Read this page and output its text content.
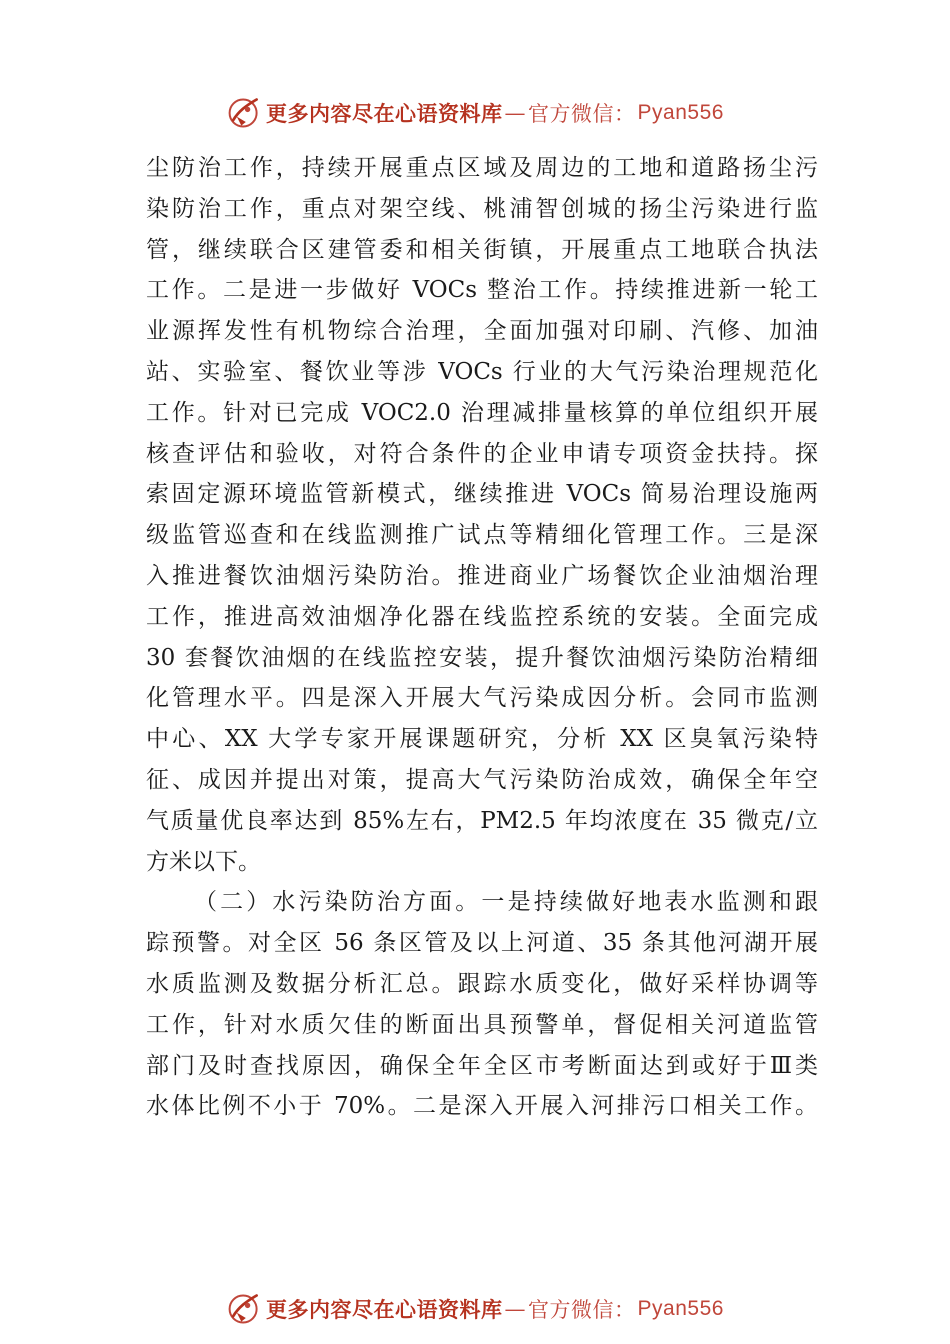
更多内容尽在心语资料库 — 官方微信： Pyan556
尘防治工作，持续开展重点区域及周边的工地和道路扬尘污
染防治工作，重点对架空线、桃浦智创城的扬尘污染进行监
管，继续联合区建管委和相关街镇，开展重点工地联合执法
工作。二是进一步做好 VOCs 整治工作。持续推进新一轮工
业源挥发性有机物综合治理，全面加强对印刷、汽修、加油
站、实验室、餐饮业等涉 VOCs 行业的大气污染治理规范化
工作。针对已完成 VOC2.0 治理减排量核算的单位组织开展
核查评估和验收，对符合条件的企业申请专项资金扶持。探
索固定源环境监管新模式，继续推进 VOCs 简易治理设施两
级监管巡查和在线监测推广试点等精细化管理工作。三是深
入推进餐饮油烟污染防治。推进商业广场餐饮企业油烟治理
工作，推进高效油烟净化器在线监控系统的安装。全面完成
30 套餐饮油烟的在线监控安装，提升餐饮油烟污染防治精细
化管理水平。四是深入开展大气污染成因分析。会同市监测
中心、XX 大学专家开展课题研究，分析 XX 区臭氧污染特
征、成因并提出对策，提高大气污染防治成效，确保全年空
气质量优良率达到 85%左右，PM2.5 年均浓度在 35 微克/立
方米以下。
（二）水污染防治方面。一是持续做好地表水监测和跟
踪预警。对全区 56 条区管及以上河道、35 条其他河湖开展
水质监测及数据分析汇总。跟踪水质变化，做好采样协调等
工作，针对水质欠佳的断面出具预警单，督促相关河道监管
部门及时查找原因，确保全年全区市考断面达到或好于Ⅲ类
水体比例不小于 70%。二是深入开展入河排污口相关工作。
更多内容尽在心语资料库 — 官方微信： Pyan556
